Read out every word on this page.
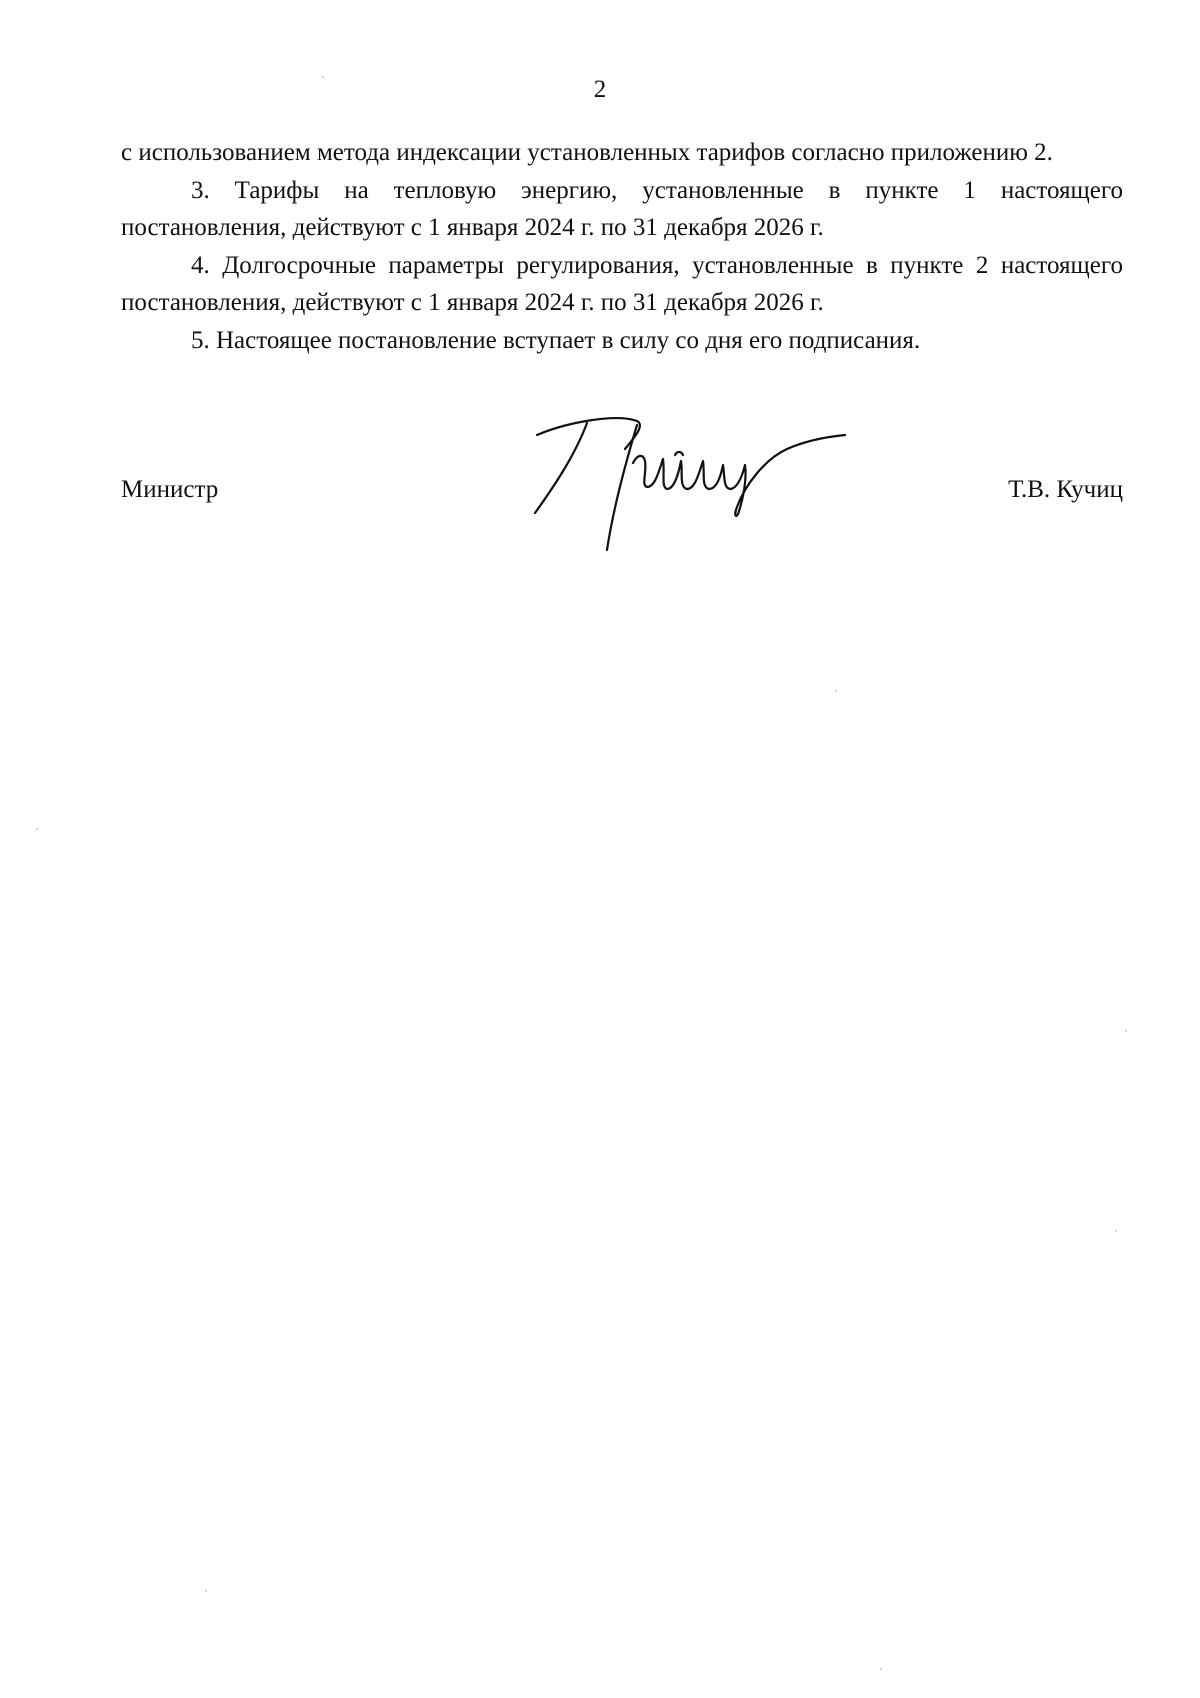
2

с использованием метода индексации установленных тарифов согласно приложению 2.

3. Тарифы на тепловую энергию, установленные в пункте 1 настоящего постановления, действуют с 1 января 2024 г. по 31 декабря 2026 г.

4. Долгосрочные параметры регулирования, установленные в пункте 2 настоящего постановления, действуют с 1 января 2024 г. по 31 декабря 2026 г.

5. Настоящее постановление вступает в силу со дня его подписания.

Министр	Т.В. Кучиц
